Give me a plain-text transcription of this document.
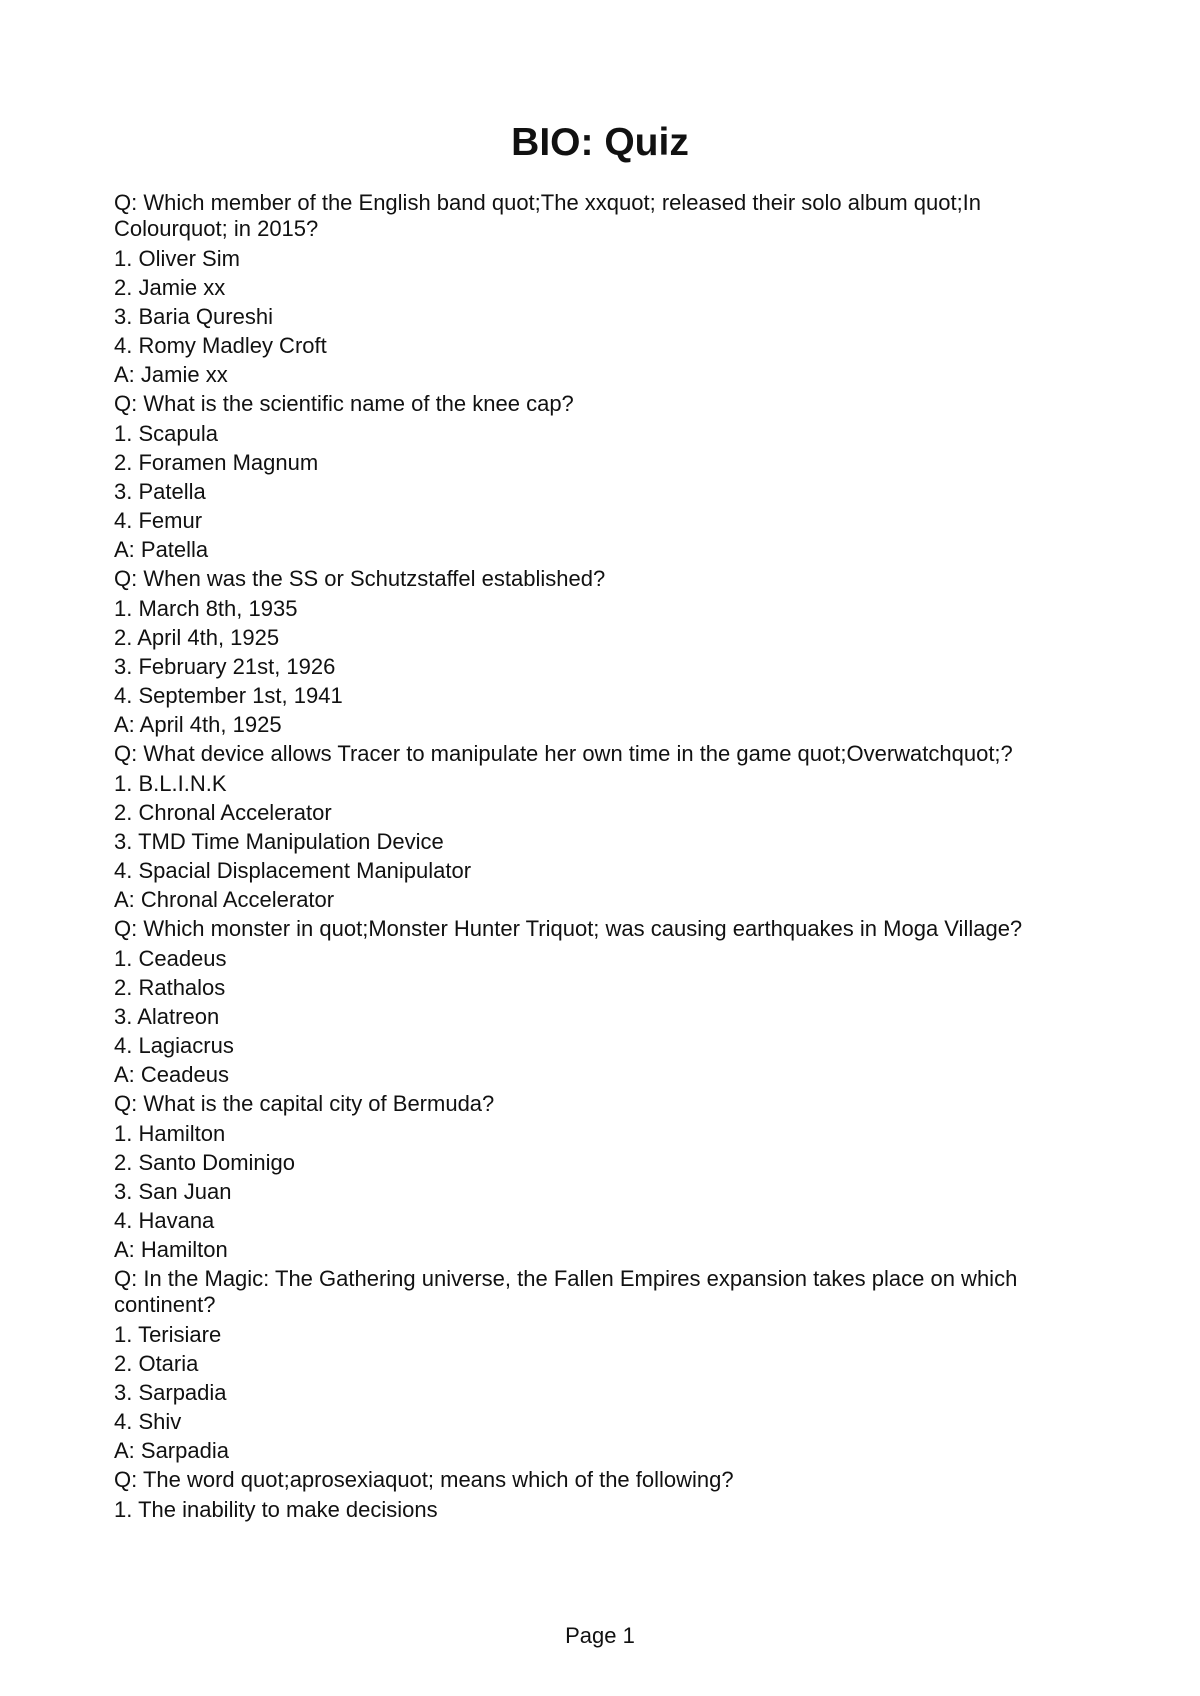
BIO: Quiz
Q: Which member of the English band quot;The xxquot; released their solo album quot;In Colourquot; in 2015?
1. Oliver Sim
2. Jamie xx
3. Baria Qureshi
4. Romy Madley Croft
A: Jamie xx
Q: What is the scientific name of the knee cap?
1. Scapula
2. Foramen Magnum
3. Patella
4. Femur
A: Patella
Q: When was the SS or Schutzstaffel established?
1. March 8th, 1935
2. April 4th, 1925
3. February 21st, 1926
4. September 1st, 1941
A: April 4th, 1925
Q: What device allows Tracer to manipulate her own time in the game quot;Overwatchquot;?
1. B.L.I.N.K
2. Chronal Accelerator
3. TMD Time Manipulation Device
4. Spacial Displacement Manipulator
A: Chronal Accelerator
Q: Which monster in quot;Monster Hunter Triquot; was causing earthquakes in Moga Village?
1. Ceadeus
2. Rathalos
3. Alatreon
4. Lagiacrus
A: Ceadeus
Q: What is the capital city of Bermuda?
1. Hamilton
2. Santo Dominigo
3. San Juan
4. Havana
A: Hamilton
Q: In the Magic: The Gathering universe, the Fallen Empires expansion takes place on which continent?
1. Terisiare
2. Otaria
3. Sarpadia
4. Shiv
A: Sarpadia
Q: The word quot;aprosexiaquot; means which of the following?
1. The inability to make decisions
Page 1
